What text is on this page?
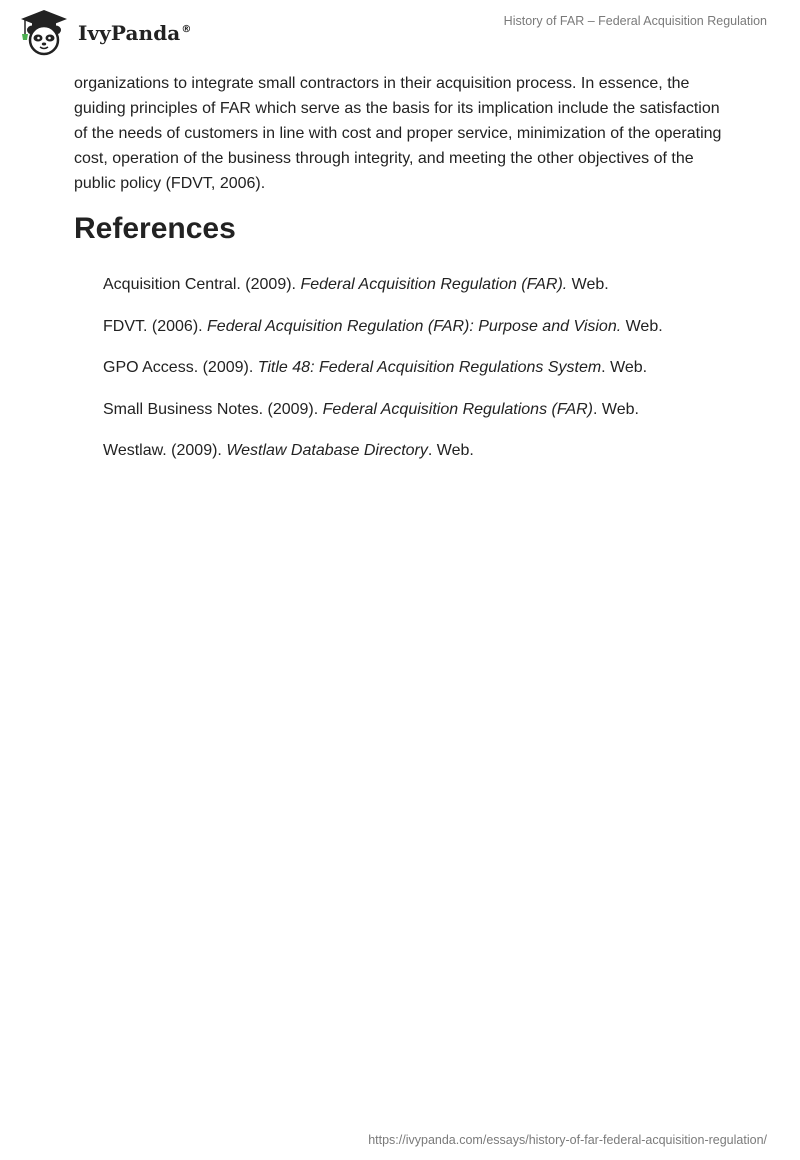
IvyPanda®
History of FAR – Federal Acquisition Regulation

organizations to integrate small contractors in their acquisition process. In essence, the guiding principles of FAR which serve as the basis for its implication include the satisfaction of the needs of customers in line with cost and proper service, minimization of the operating cost, operation of the business through integrity, and meeting the other objectives of the public policy (FDVT, 2006).

References
Acquisition Central. (2009). Federal Acquisition Regulation (FAR). Web.
FDVT. (2006). Federal Acquisition Regulation (FAR): Purpose and Vision. Web.
GPO Access. (2009). Title 48: Federal Acquisition Regulations System. Web.
Small Business Notes. (2009). Federal Acquisition Regulations (FAR). Web.
Westlaw. (2009). Westlaw Database Directory. Web.
https://ivypanda.com/essays/history-of-far-federal-acquisition-regulation/
